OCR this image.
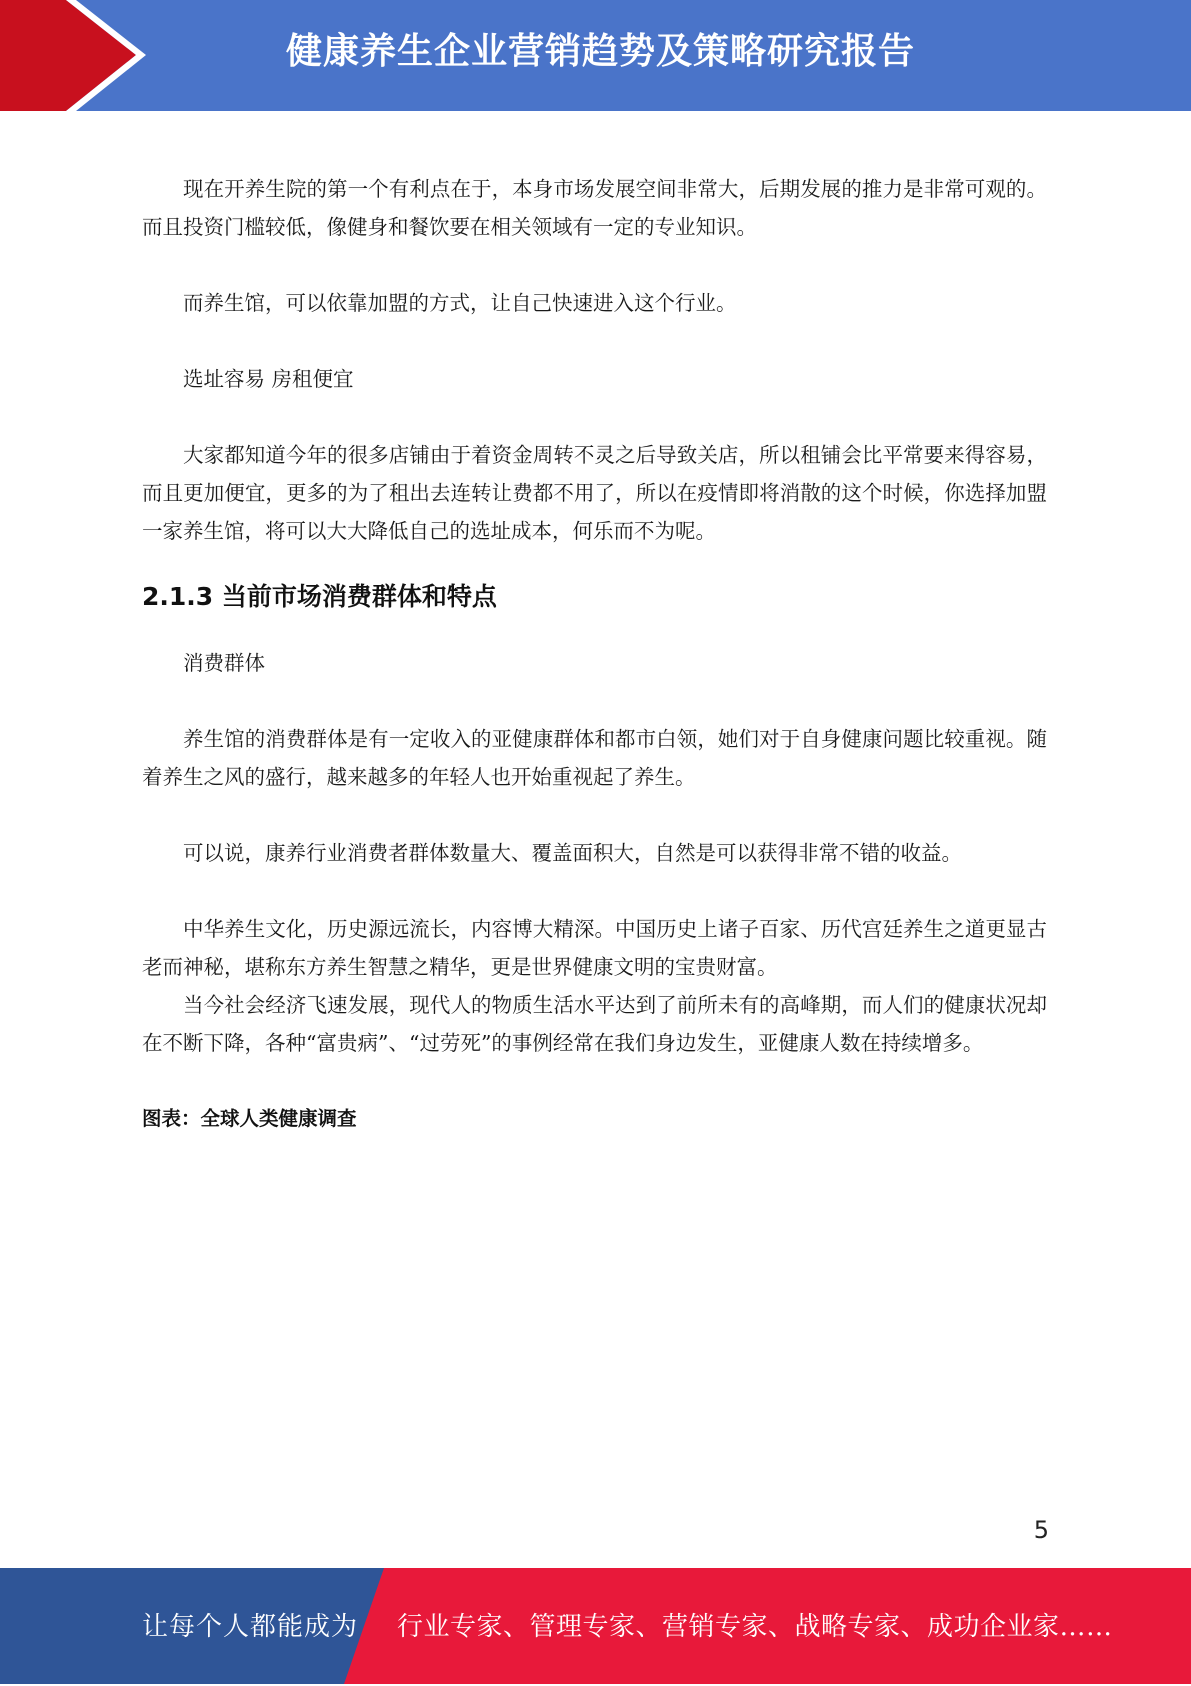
健康养生企业营销趋势及策略研究报告

现在开养生院的第一个有利点在于，本身市场发展空间非常大，后期发展的推力是非常可观的。而且投资门槛较低，像健身和餐饮要在相关领域有一定的专业知识。

而养生馆，可以依靠加盟的方式，让自己快速进入这个行业。

选址容易 房租便宜

大家都知道今年的很多店铺由于着资金周转不灵之后导致关店，所以租铺会比平常要来得容易，而且更加便宜，更多的为了租出去连转让费都不用了，所以在疫情即将消散的这个时候，你选择加盟一家养生馆，将可以大大降低自己的选址成本，何乐而不为呢。

2.1.3 当前市场消费群体和特点

消费群体

养生馆的消费群体是有一定收入的亚健康群体和都市白领，她们对于自身健康问题比较重视。随着养生之风的盛行，越来越多的年轻人也开始重视起了养生。

可以说，康养行业消费者群体数量大、覆盖面积大，自然是可以获得非常不错的收益。

中华养生文化，历史源远流长，内容博大精深。中国历史上诸子百家、历代宫廷养生之道更显古老而神秘，堪称东方养生智慧之精华，更是世界健康文明的宝贵财富。

当今社会经济飞速发展，现代人的物质生活水平达到了前所未有的高峰期，而人们的健康状况却在不断下降，各种“富贵病”、“过劳死”的事例经常在我们身边发生，亚健康人数在持续增多。

图表：全球人类健康调查

5
让每个人都能成为 行业专家、管理专家、营销专家、战略专家、成功企业家……
